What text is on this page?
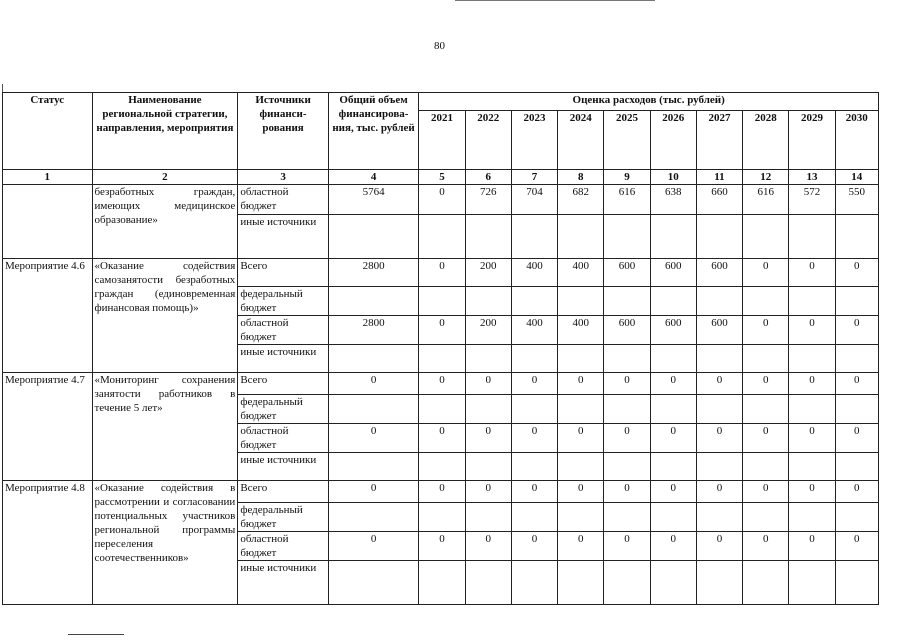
80
Статус	Наименование региональной стратегии, направления, мероприятия	Источники финанси-рования	Общий объем финансирова-ния, тыс. рублей	Оценка расходов (тыс. рублей)									
				2021	2022	2023	2024	2025	2026	2027	2028	2029	2030
1	2	3	4	5	6	7	8	9	10	11	12	13	14
	безработных граждан, имеющих медицинское образование»	областной бюджет	5764	0	726	704	682	616	638	660	616	572	550
		иные источники											
Мероприятие 4.6	«Оказание содействия самозанятости безработных граждан (единовременная финансовая помощь)»	Всего	2800	0	200	400	400	600	600	600	0	0	0
		федеральный бюджет											
		областной бюджет	2800	0	200	400	400	600	600	600	0	0	0
		иные источники											
Мероприятие 4.7	«Мониторинг сохранения занятости работников в течение 5 лет»	Всего	0	0	0	0	0	0	0	0	0	0	0
		федеральный бюджет											
		областной бюджет	0	0	0	0	0	0	0	0	0	0	0
		иные источники											
Мероприятие 4.8	«Оказание содействия в рассмотрении и согласовании потенциальных участников региональной программы переселения соотечественников»	Всего	0	0	0	0	0	0	0	0	0	0	0
		федеральный бюджет											
		областной бюджет	0	0	0	0	0	0	0	0	0	0	0
		иные источники											
